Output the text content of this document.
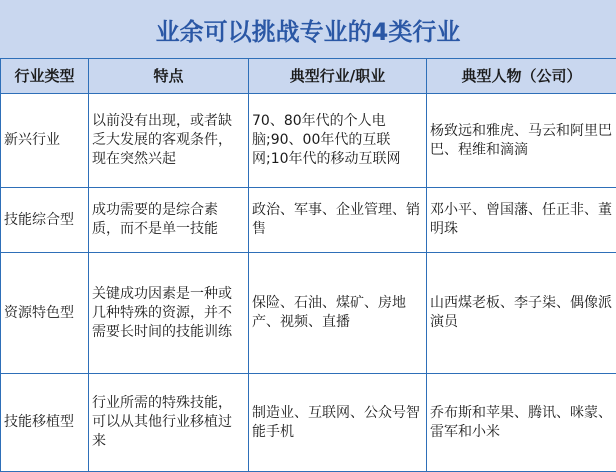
业余可以挑战专业的4类行业
行业类型	特点	典型行业/职业	典型人物（公司）
新兴行业	以前没有出现，或者缺乏大发展的客观条件，现在突然兴起	70、80年代的个人电脑;90、00年代的互联网;10年代的移动互联网	杨致远和雅虎、马云和阿里巴巴、程维和滴滴
技能综合型	成功需要的是综合素质，而不是单一技能	政治、军事、企业管理、销售	邓小平、曾国藩、任正非、董明珠
资源特色型	关键成功因素是一种或几种特殊的资源，并不需要长时间的技能训练	保险、石油、煤矿、房地产、视频、直播	山西煤老板、李子柒、偶像派演员
技能移植型	行业所需的特殊技能，可以从其他行业移植过来	制造业、互联网、公众号智能手机	乔布斯和苹果、腾讯、咪蒙、雷军和小米
